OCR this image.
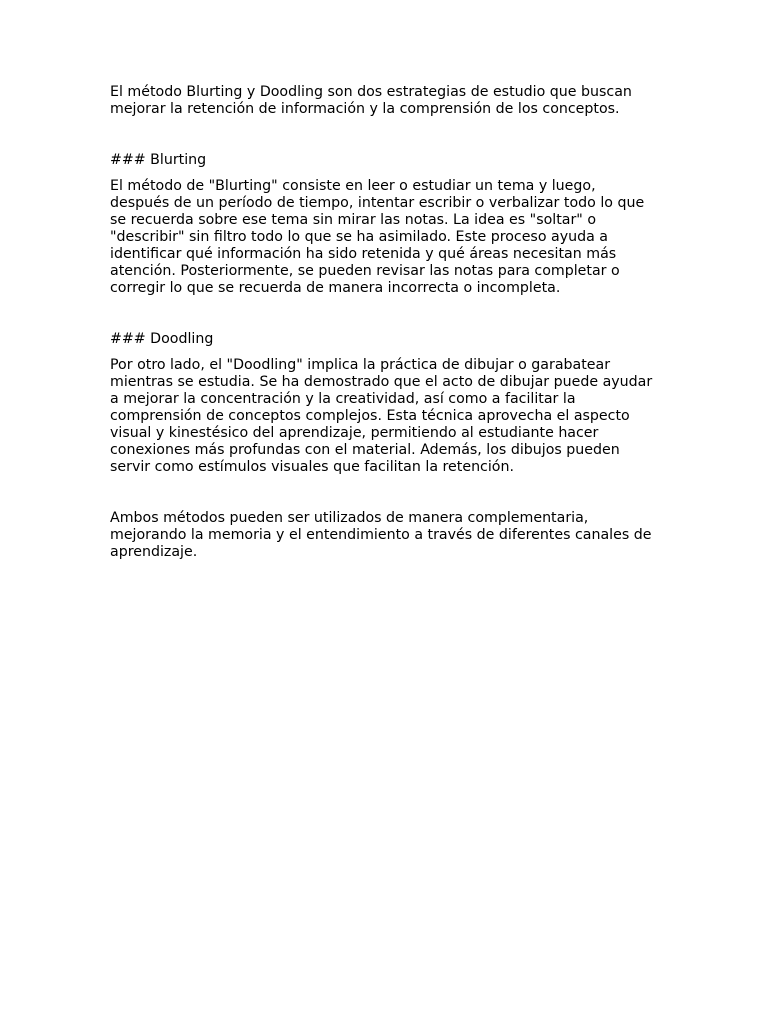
El método Blurting y Doodling son dos estrategias de estudio que buscan
mejorar la retención de información y la comprensión de los conceptos.

### Blurting

El método de "Blurting" consiste en leer o estudiar un tema y luego,
después de un período de tiempo, intentar escribir o verbalizar todo lo que
se recuerda sobre ese tema sin mirar las notas. La idea es "soltar" o
"describir" sin filtro todo lo que se ha asimilado. Este proceso ayuda a
identificar qué información ha sido retenida y qué áreas necesitan más
atención. Posteriormente, se pueden revisar las notas para completar o
corregir lo que se recuerda de manera incorrecta o incompleta.

### Doodling

Por otro lado, el "Doodling" implica la práctica de dibujar o garabatear
mientras se estudia. Se ha demostrado que el acto de dibujar puede ayudar
a mejorar la concentración y la creatividad, así como a facilitar la
comprensión de conceptos complejos. Esta técnica aprovecha el aspecto
visual y kinestésico del aprendizaje, permitiendo al estudiante hacer
conexiones más profundas con el material. Además, los dibujos pueden
servir como estímulos visuales que facilitan la retención.

Ambos métodos pueden ser utilizados de manera complementaria,
mejorando la memoria y el entendimiento a través de diferentes canales de
aprendizaje.
